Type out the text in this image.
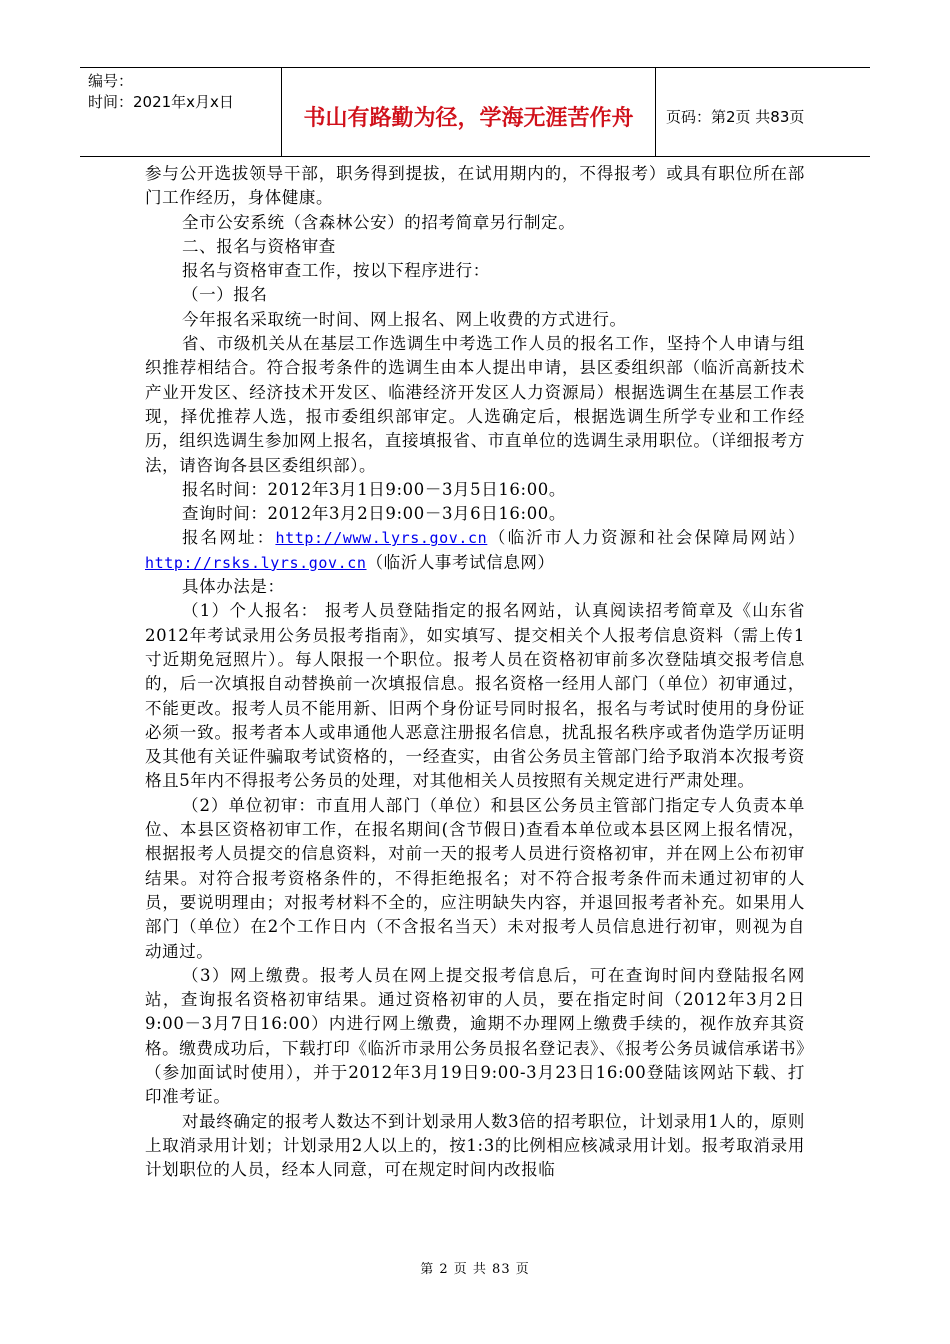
编号：
时间：2021年x月x日
书山有路勤为径，学海无涯苦作舟	页码：第2页 共83页

参与公开选拔领导干部，职务得到提拔，在试用期内的，不得报考）或具有职位所在部门工作经历，身体健康。

全市公安系统（含森林公安）的招考简章另行制定。

二、报名与资格审查

报名与资格审查工作，按以下程序进行：

（一）报名

今年报名采取统一时间、网上报名、网上收费的方式进行。

省、市级机关从在基层工作选调生中考选工作人员的报名工作，坚持个人申请与组织推荐相结合。符合报考条件的选调生由本人提出申请，县区委组织部（临沂高新技术产业开发区、经济技术开发区、临港经济开发区人力资源局）根据选调生在基层工作表现，择优推荐人选，报市委组织部审定。人选确定后，根据选调生所学专业和工作经历，组织选调生参加网上报名，直接填报省、市直单位的选调生录用职位。（详细报考方法，请咨询各县区委组织部）。

报名时间：2012年3月1日9:00－3月5日16:00。

查询时间：2012年3月2日9:00－3月6日16:00。

报名网址：http://www.lyrs.gov.cn（临沂市人力资源和社会保障局网站）http://rsks.lyrs.gov.cn（临沂人事考试信息网）

具体办法是：

（1）个人报名： 报考人员登陆指定的报名网站，认真阅读招考简章及《山东省2012年考试录用公务员报考指南》，如实填写、提交相关个人报考信息资料（需上传1寸近期免冠照片）。每人限报一个职位。报考人员在资格初审前多次登陆填交报考信息的，后一次填报自动替换前一次填报信息。报名资格一经用人部门（单位）初审通过，不能更改。报考人员不能用新、旧两个身份证号同时报名，报名与考试时使用的身份证必须一致。报考者本人或串通他人恶意注册报名信息，扰乱报名秩序或者伪造学历证明及其他有关证件骗取考试资格的，一经查实，由省公务员主管部门给予取消本次报考资格且5年内不得报考公务员的处理，对其他相关人员按照有关规定进行严肃处理。

（2）单位初审：市直用人部门（单位）和县区公务员主管部门指定专人负责本单位、本县区资格初审工作，在报名期间(含节假日)查看本单位或本县区网上报名情况，根据报考人员提交的信息资料，对前一天的报考人员进行资格初审，并在网上公布初审结果。对符合报考资格条件的，不得拒绝报名；对不符合报考条件而未通过初审的人员，要说明理由；对报考材料不全的，应注明缺失内容，并退回报考者补充。如果用人部门（单位）在2个工作日内（不含报名当天）未对报考人员信息进行初审，则视为自动通过。

（3）网上缴费。报考人员在网上提交报考信息后，可在查询时间内登陆报名网站，查询报名资格初审结果。通过资格初审的人员，要在指定时间（2012年3月2日9:00－3月7日16:00）内进行网上缴费，逾期不办理网上缴费手续的，视作放弃其资格。缴费成功后，下载打印《临沂市录用公务员报名登记表》、《报考公务员诚信承诺书》（参加面试时使用），并于2012年3月19日9:00-3月23日16:00登陆该网站下载、打印准考证。

对最终确定的报考人数达不到计划录用人数3倍的招考职位，计划录用1人的，原则上取消录用计划；计划录用2人以上的，按1:3的比例相应核减录用计划。报考取消录用计划职位的人员，经本人同意，可在规定时间内改报临

第 2 页 共 83 页
